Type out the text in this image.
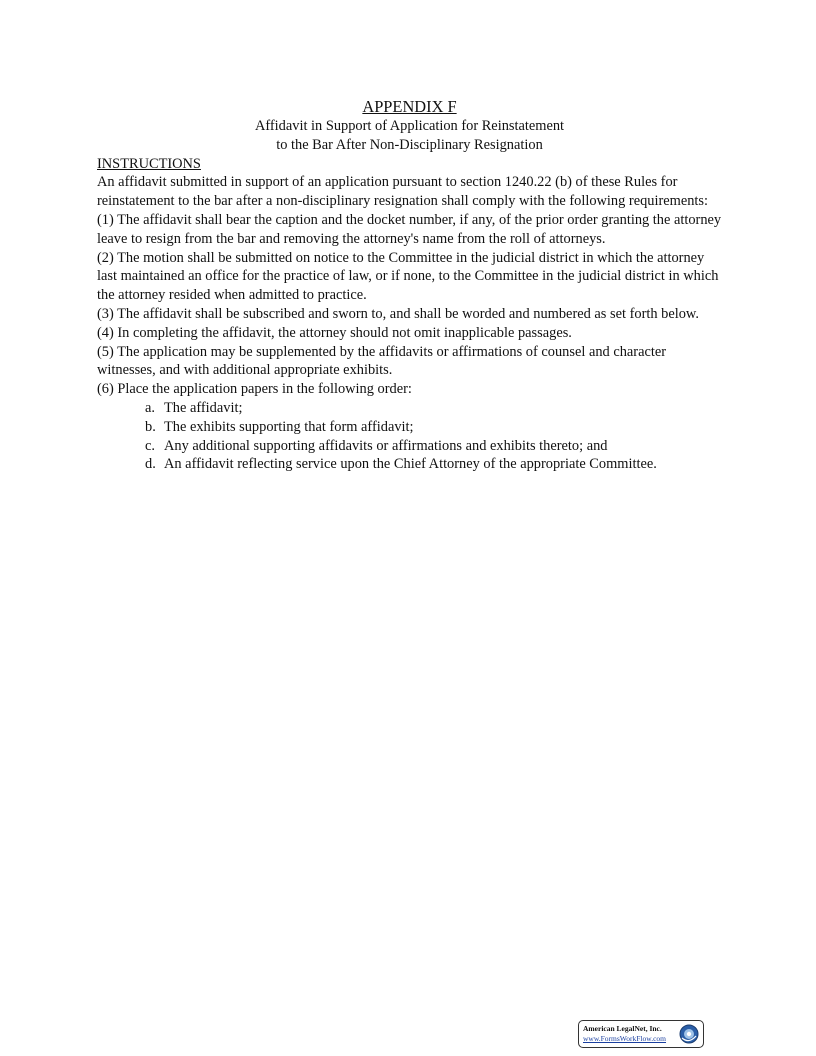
APPENDIX F

Affidavit in Support of Application for Reinstatement

to the Bar After Non-Disciplinary Resignation

INSTRUCTIONS

An affidavit submitted in support of an application pursuant to section 1240.22 (b) of these Rules for reinstatement to the bar after a non-disciplinary resignation shall comply with the following requirements:

(1) The affidavit shall bear the caption and the docket number, if any, of the prior order granting the attorney leave to resign from the bar and removing the attorney's name from the roll of attorneys.

(2) The motion shall be submitted on notice to the Committee in the judicial district in which the attorney last maintained an office for the practice of law, or if none, to the Committee in the judicial district in which the attorney resided when admitted to practice.

(3) The affidavit shall be subscribed and sworn to, and shall be worded and numbered as set forth below.

(4) In completing the affidavit, the attorney should not omit inapplicable passages.

(5) The application may be supplemented by the affidavits or affirmations of counsel and character witnesses, and with additional appropriate exhibits.

(6) Place the application papers in the following order:

a. The affidavit;
b. The exhibits supporting that form affidavit;
c. Any additional supporting affidavits or affirmations and exhibits thereto; and
d. An affidavit reflecting service upon the Chief Attorney of the appropriate Committee.
American LegalNet, Inc.
www.FormsWorkFlow.com
